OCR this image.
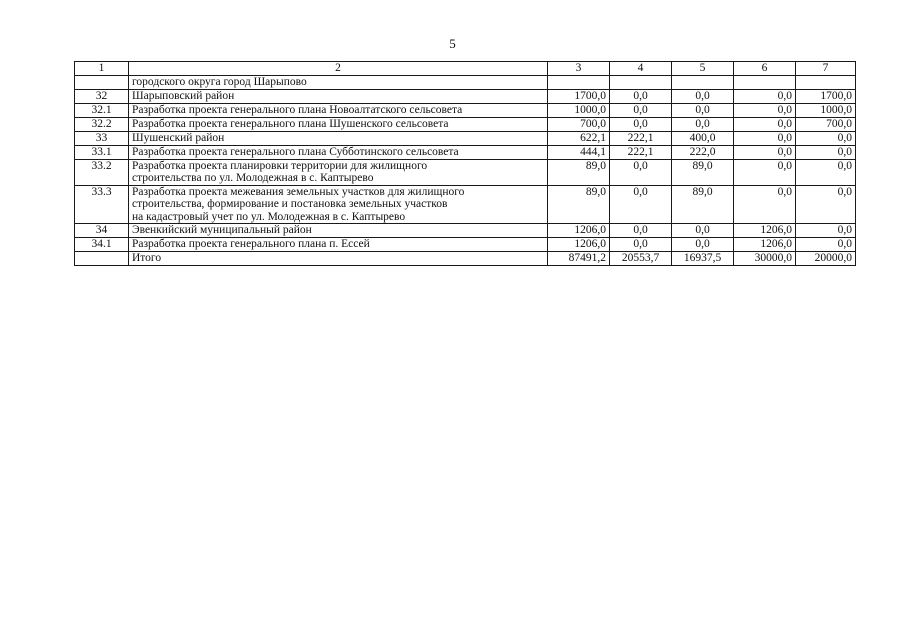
5
1	2	3	4	5	6	7
	городского округа город Шарыпово					
32	Шарыповский район	1700,0	0,0	0,0	0,0	1700,0
32.1	Разработка проекта генерального плана Новоалтатского сельсовета	1000,0	0,0	0,0	0,0	1000,0
32.2	Разработка проекта генерального плана Шушенского сельсовета	700,0	0,0	0,0	0,0	700,0
33	Шушенский район	622,1	222,1	400,0	0,0	0,0
33.1	Разработка проекта генерального плана Субботинского сельсовета	444,1	222,1	222,0	0,0	0,0
33.2	Разработка проекта планировки территории для жилищного
строительства по ул. Молодежная в с. Каптырево	89,0	0,0	89,0	0,0	0,0
33.3	Разработка проекта межевания земельных участков для жилищного
строительства, формирование и постановка земельных участков
на кадастровый учет по ул. Молодежная в с. Каптырево	89,0	0,0	89,0	0,0	0,0
34	Эвенкийский муниципальный район	1206,0	0,0	0,0	1206,0	0,0
34.1	Разработка проекта генерального плана п. Ессей	1206,0	0,0	0,0	1206,0	0,0
	Итого	87491,2	20553,7	16937,5	30000,0	20000,0
